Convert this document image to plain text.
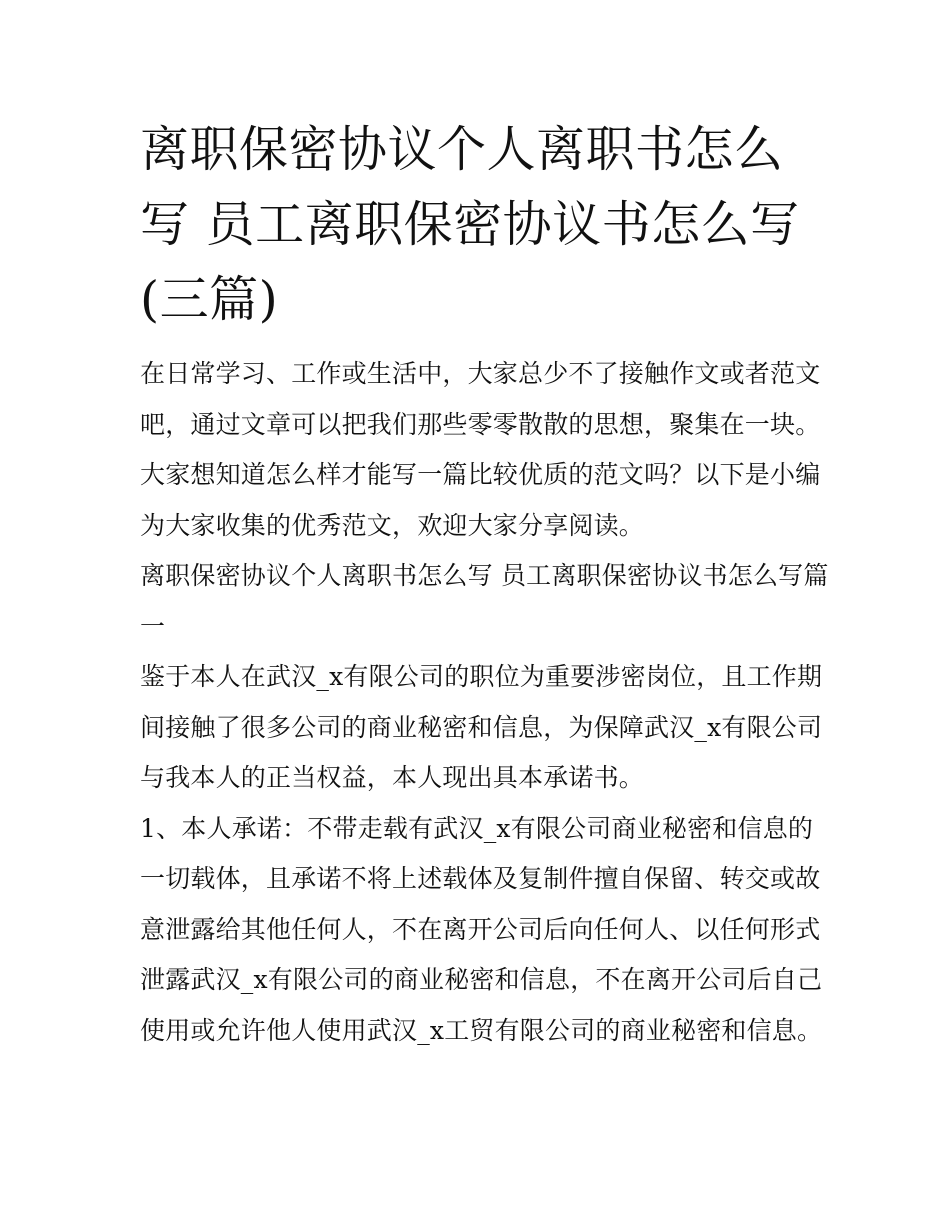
离职保密协议个人离职书怎么写 员工离职保密协议书怎么写(三篇)

在日常学习、工作或生活中，大家总少不了接触作文或者范文吧，通过文章可以把我们那些零零散散的思想，聚集在一块。大家想知道怎么样才能写一篇比较优质的范文吗？以下是小编为大家收集的优秀范文，欢迎大家分享阅读。

离职保密协议个人离职书怎么写 员工离职保密协议书怎么写篇一

鉴于本人在武汉_x有限公司的职位为重要涉密岗位，且工作期间接触了很多公司的商业秘密和信息，为保障武汉_x有限公司与我本人的正当权益，本人现出具本承诺书。

1、本人承诺：不带走载有武汉_x有限公司商业秘密和信息的一切载体，且承诺不将上述载体及复制件擅自保留、转交或故意泄露给其他任何人，不在离开公司后向任何人、以任何形式泄露武汉_x有限公司的商业秘密和信息，不在离开公司后自己使用或允许他人使用武汉_x工贸有限公司的商业秘密和信息。
